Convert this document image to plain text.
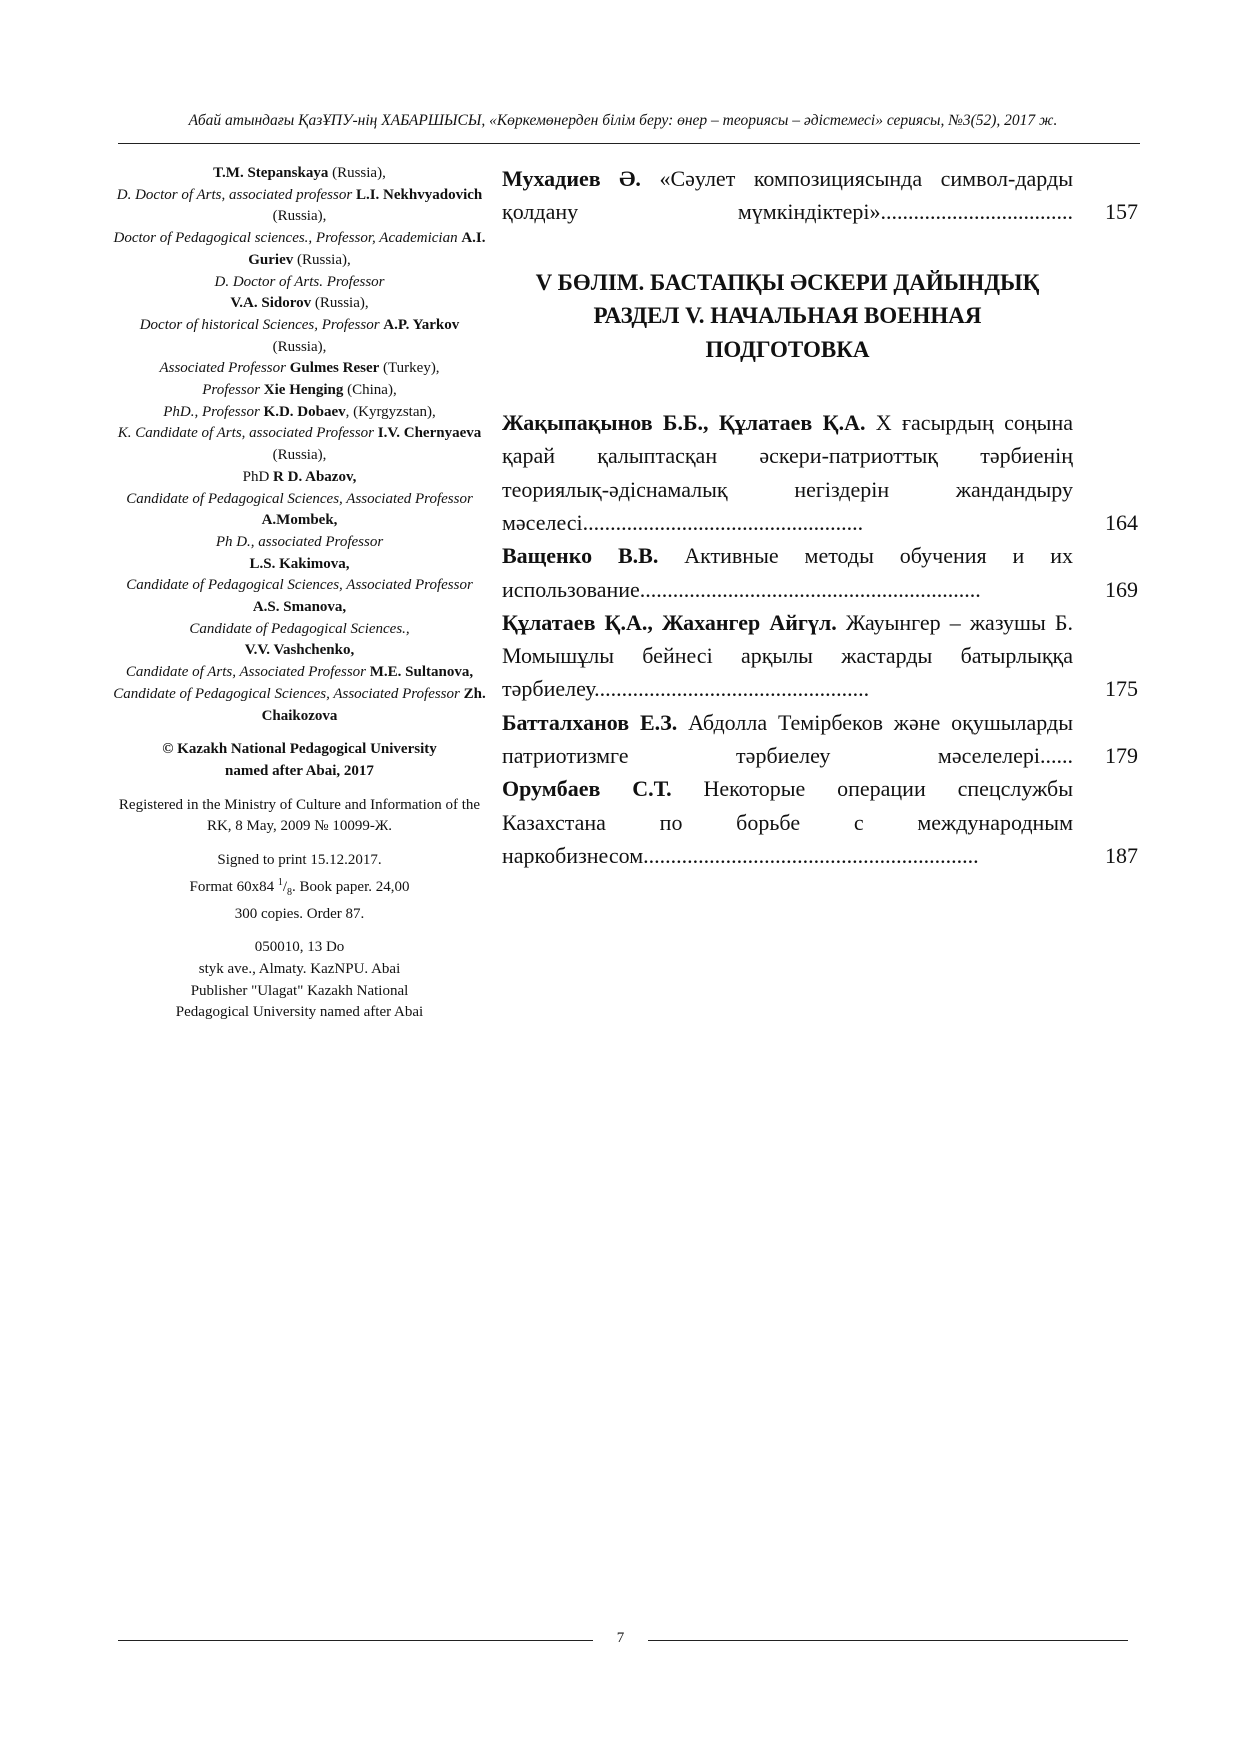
Абай атындағы ҚазҰПУ-нің ХАБАРШЫСЫ, «Көркемөнерден білім беру: өнер – теориясы – әдістемесі» сериясы, №3(52), 2017 ж.

T.M. Stepanskaya (Russia),

D. Doctor of Arts, associated professor L.I. Nekhvyadovich (Russia),

Doctor of Pedagogical sciences., Professor, Academician A.I. Guriev (Russia),

D. Doctor of Arts. Professor

V.A. Sidorov (Russia),

Doctor of historical Sciences, Professor A.P. Yarkov (Russia),

Associated Professor Gulmes Reser (Turkey),

Professor Xie Henging (China),

PhD., Professor K.D. Dobaev, (Kyrgyzstan),

K. Candidate of Arts, associated Professor I.V. Chernyaeva (Russia),

PhD R D. Abazov,

Candidate of Pedagogical Sciences, Associated Professor A.Mombek,

Ph D., associated Professor

L.S. Kakimova,

Candidate of Pedagogical Sciences, Associated Professor A.S. Smanova,

Candidate of Pedagogical Sciences.,

V.V. Vashchenko,

Candidate of Arts, Associated Professor M.E. Sultanova,

Candidate of Pedagogical Sciences, Associated Professor Zh. Chaikozova

© Kazakh National Pedagogical University
named after Abai, 2017

Registered in the Ministry of Culture and Information of the RK, 8 May, 2009 № 10099-Ж.

Signed to print 15.12.2017.

Format 60x84 $^1/_8$. Book paper. 24,00

300 copies. Order 87.

050010, 13 Do

styk ave., Almaty. KazNPU. Abai

Publisher "Ulagat" Kazakh National

Pedagogical University named after Abai

Мухадиев Ә. «Сәулет композициясында символ-дарды қолдану мүмкіндіктері»................................... 157
V БӨЛІМ. БАСТАПҚЫ ӘСКЕРИ ДАЙЫНДЫҚ
РАЗДЕЛ V. НАЧАЛЬНАЯ ВОЕННАЯ
ПОДГОТОВКА
Жақыпақынов Б.Б., Құлатаев Қ.А. Х ғасырдың соңына қарай қалыптасқан әскери-патриоттық тәрбиенің теориялық-әдіснамалық негіздерін жандандыру мәселесі...................................................	164
Ващенко В.В. Активные методы обучения и их использование..............................................................	169
Құлатаев Қ.А., Жахангер Айгүл. Жауынгер – жазушы Б. Момышұлы бейнесі арқылы жастарды батырлыққа тәрбиелеу..................................................	175
Батталханов Е.З. Абдолла Темірбеков және оқушыларды патриотизмге тәрбиелеу мәселелері...... 179
Орумбаев С.Т. Некоторые операции спецслужбы Казахстана по борьбе с международным наркобизнесом.............................................................	187
7
